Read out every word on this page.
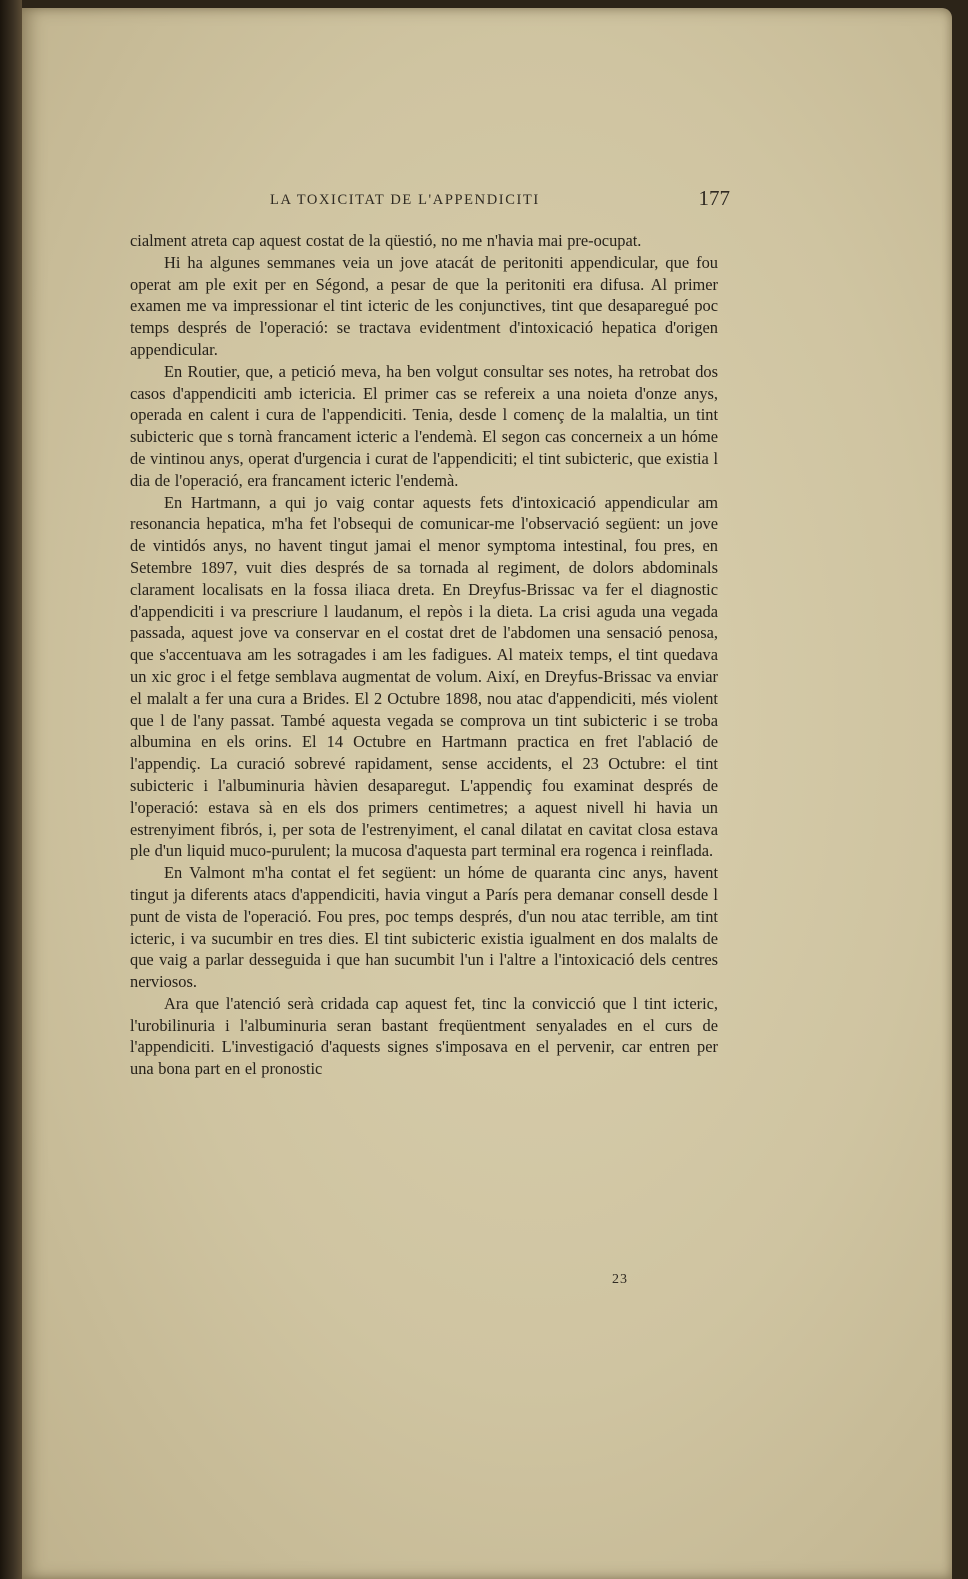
LA TOXICITAT DE L'APPENDICITI	177

cialment atreta cap aquest costat de la qüestió, no me n'havia mai pre-ocupat.

Hi ha algunes semmanes veia un jove atacát de peritoniti appendicular, que fou operat am ple exit per en Ségond, a pesar de que la peritoniti era difusa. Al primer examen me va impressionar el tint icteric de les conjunctives, tint que desaparegué poc temps després de l'operació: se tractava evidentment d'intoxicació hepatica d'origen appendicular.

En Routier, que, a petició meva, ha ben volgut consultar ses notes, ha retrobat dos casos d'appendiciti amb ictericia. El primer cas se refereix a una noieta d'onze anys, operada en calent i cura de l'appendiciti. Tenia, desde l començ de la malaltia, un tint subicteric que s tornà francament icteric a l'endemà. El segon cas concerneix a un hóme de vintinou anys, operat d'urgencia i curat de l'appendiciti; el tint subicteric, que existia l dia de l'operació, era francament icteric l'endemà.

En Hartmann, a qui jo vaig contar aquests fets d'intoxicació appendicular am resonancia hepatica, m'ha fet l'obsequi de comunicar-me l'observació següent: un jove de vintidós anys, no havent tingut jamai el menor symptoma intestinal, fou pres, en Setembre 1897, vuit dies després de sa tornada al regiment, de dolors abdominals clarament localisats en la fossa iliaca dreta. En Dreyfus-Brissac va fer el diagnostic d'appendiciti i va prescriure l laudanum, el repòs i la dieta. La crisi aguda una vegada passada, aquest jove va conservar en el costat dret de l'abdomen una sensació penosa, que s'accentuava am les sotragades i am les fadigues. Al mateix temps, el tint quedava un xic groc i el fetge semblava augmentat de volum. Així, en Dreyfus-Brissac va enviar el malalt a fer una cura a Brides. El 2 Octubre 1898, nou atac d'appendiciti, més violent que l de l'any passat. També aquesta vegada se comprova un tint subicteric i se troba albumina en els orins. El 14 Octubre en Hartmann practica en fret l'ablació de l'appendiç. La curació sobrevé rapidament, sense accidents, el 23 Octubre: el tint subicteric i l'albuminuria hàvien desaparegut. L'appendiç fou examinat després de l'operació: estava sà en els dos primers centimetres; a aquest nivell hi havia un estrenyiment fibrós, i, per sota de l'estrenyiment, el canal dilatat en cavitat closa estava ple d'un liquid muco-purulent; la mucosa d'aquesta part terminal era rogenca i reinflada.

En Valmont m'ha contat el fet següent: un hóme de quaranta cinc anys, havent tingut ja diferents atacs d'appendiciti, havia vingut a París pera demanar consell desde l punt de vista de l'operació. Fou pres, poc temps després, d'un nou atac terrible, am tint icteric, i va sucumbir en tres dies. El tint subicteric existia igualment en dos malalts de que vaig a parlar desseguida i que han sucumbit l'un i l'altre a l'intoxicació dels centres nerviosos.

Ara que l'atenció serà cridada cap aquest fet, tinc la convicció que l tint icteric, l'urobilinuria i l'albuminuria seran bastant freqüentment senyalades en el curs de l'appendiciti. L'investigació d'aquests signes s'imposava en el pervenir, car entren per una bona part en el pronostic

23
